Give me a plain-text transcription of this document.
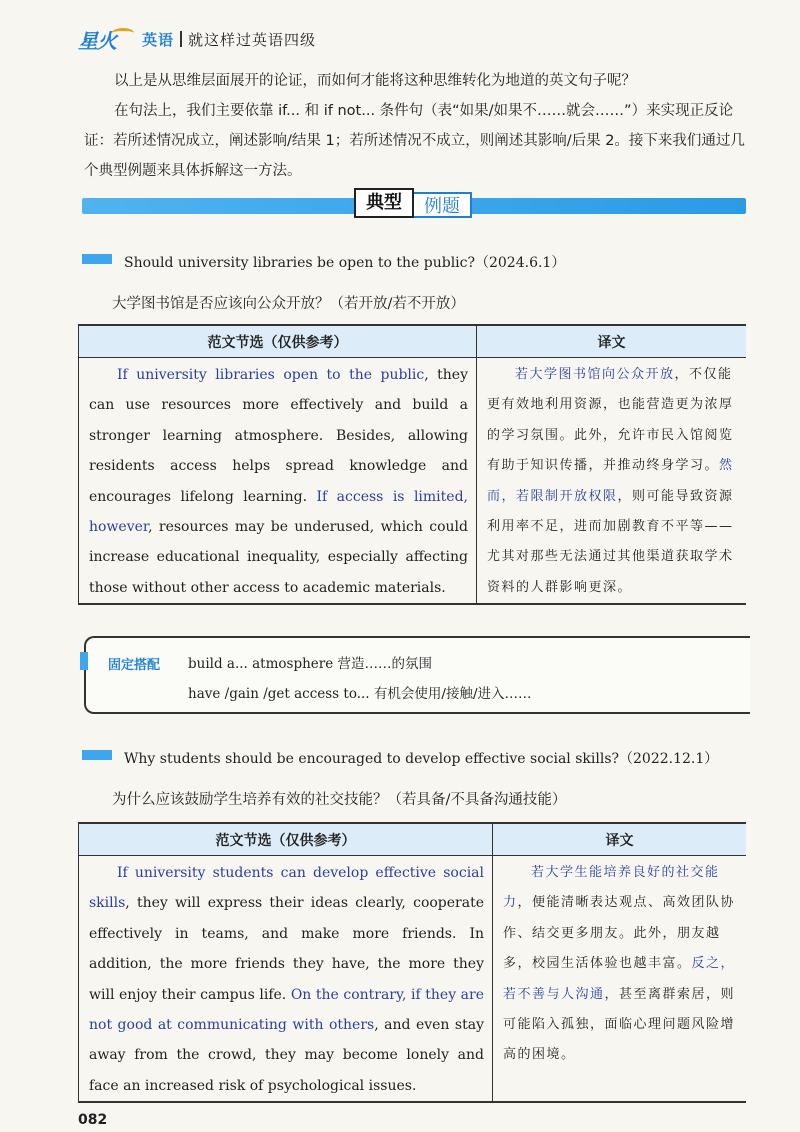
星火 英语 就这样过英语四级

以上是从思维层面展开的论证，而如何才能将这种思维转化为地道的英文句子呢？

在句法上，我们主要依靠 if... 和 if not... 条件句（表“如果/如果不……就会……”）来实现正反论证：若所述情况成立，阐述影响/结果 1；若所述情况不成立，则阐述其影响/后果 2。接下来我们通过几个典型例题来具体拆解这一方法。

典型	例题
Should university libraries be open to the public?（2024.6.1）
大学图书馆是否应该向公众开放？（若开放/若不开放）
范文节选（仅供参考）	译文
If university libraries open to the public, they can use resources more effectively and build a stronger learning atmosphere. Besides, allowing residents access helps spread knowledge and encourages lifelong learning. If access is limited, however, resources may be underused, which could increase educational inequality, especially affecting those without other access to academic materials.
若大学图书馆向公众开放，不仅能更有效地利用资源，也能营造更为浓厚的学习氛围。此外，允许市民入馆阅览有助于知识传播，并推动终身学习。然而，若限制开放权限，则可能导致资源利用率不足，进而加剧教育不平等——尤其对那些无法通过其他渠道获取学术资料的人群影响更深。
固定搭配 build a... atmosphere 营造……的氛围
have /gain /get access to... 有机会使用/接触/进入……
Why students should be encouraged to develop effective social skills?（2022.12.1）
为什么应该鼓励学生培养有效的社交技能？（若具备/不具备沟通技能）
范文节选（仅供参考）	译文
If university students can develop effective social skills, they will express their ideas clearly, cooperate effectively in teams, and make more friends. In addition, the more friends they have, the more they will enjoy their campus life. On the contrary, if they are not good at communicating with others, and even stay away from the crowd, they may become lonely and face an increased risk of psychological issues.
若大学生能培养良好的社交能力，便能清晰表达观点、高效团队协作、结交更多朋友。此外，朋友越多，校园生活体验也越丰富。反之，若不善与人沟通，甚至离群索居，则可能陷入孤独，面临心理问题风险增高的困境。
082
